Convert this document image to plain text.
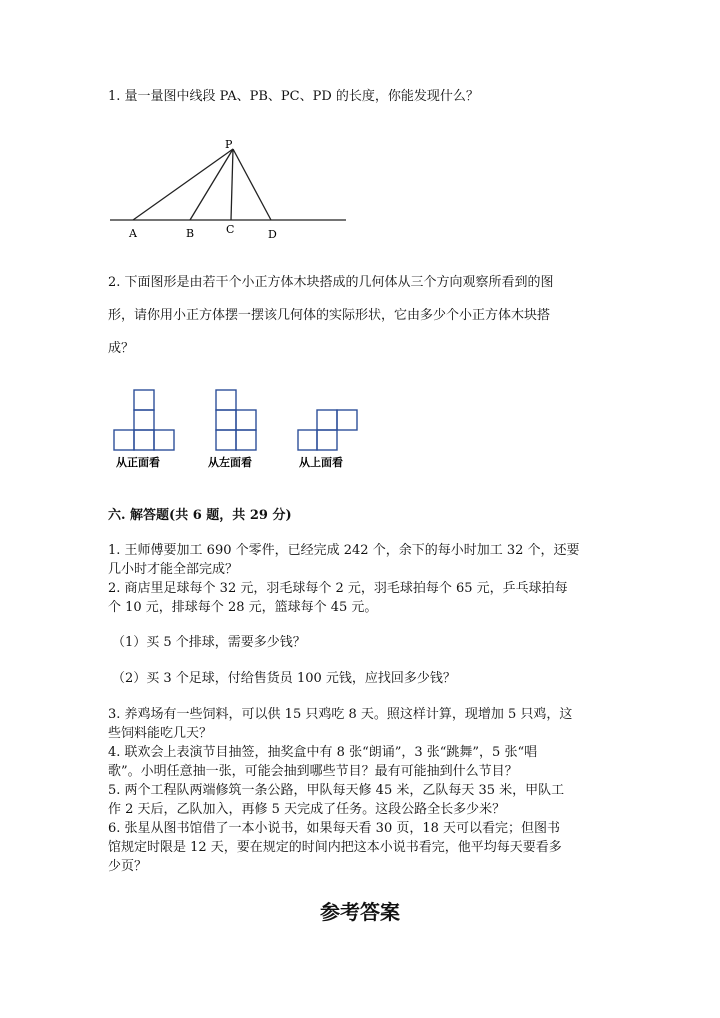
1. 量一量图中线段 PA、PB、PC、PD 的长度，你能发现什么？
P
A	B	C	D
2. 下面图形是由若干个小正方体木块搭成的几何体从三个方向观察所看到的图
形，请你用小正方体摆一摆该几何体的实际形状，它由多少个小正方体木块搭
成？
从正面看	从左面看	从上面看
六. 解答题(共 6 题，共 29 分)
1. 王师傅要加工 690 个零件，已经完成 242 个，余下的每小时加工 32 个，还要
几小时才能全部完成？
2. 商店里足球每个 32 元，羽毛球每个 2 元，羽毛球拍每个 65 元，乒乓球拍每
个 10 元，排球每个 28 元，篮球每个 45 元。
（1）买 5 个排球，需要多少钱？
（2）买 3 个足球，付给售货员 100 元钱，应找回多少钱？
3. 养鸡场有一些饲料，可以供 15 只鸡吃 8 天。照这样计算，现增加 5 只鸡，这
些饲料能吃几天？
4. 联欢会上表演节目抽签，抽奖盒中有 8 张“朗诵”，3 张“跳舞”，5 张“唱
歌”。小明任意抽一张，可能会抽到哪些节目？最有可能抽到什么节目？
5. 两个工程队两端修筑一条公路，甲队每天修 45 米，乙队每天 35 米，甲队工
作 2 天后，乙队加入，再修 5 天完成了任务。这段公路全长多少米？
6. 张星从图书馆借了一本小说书，如果每天看 30 页，18 天可以看完；但图书
馆规定时限是 12 天，要在规定的时间内把这本小说书看完，他平均每天要看多
少页？
参考答案
